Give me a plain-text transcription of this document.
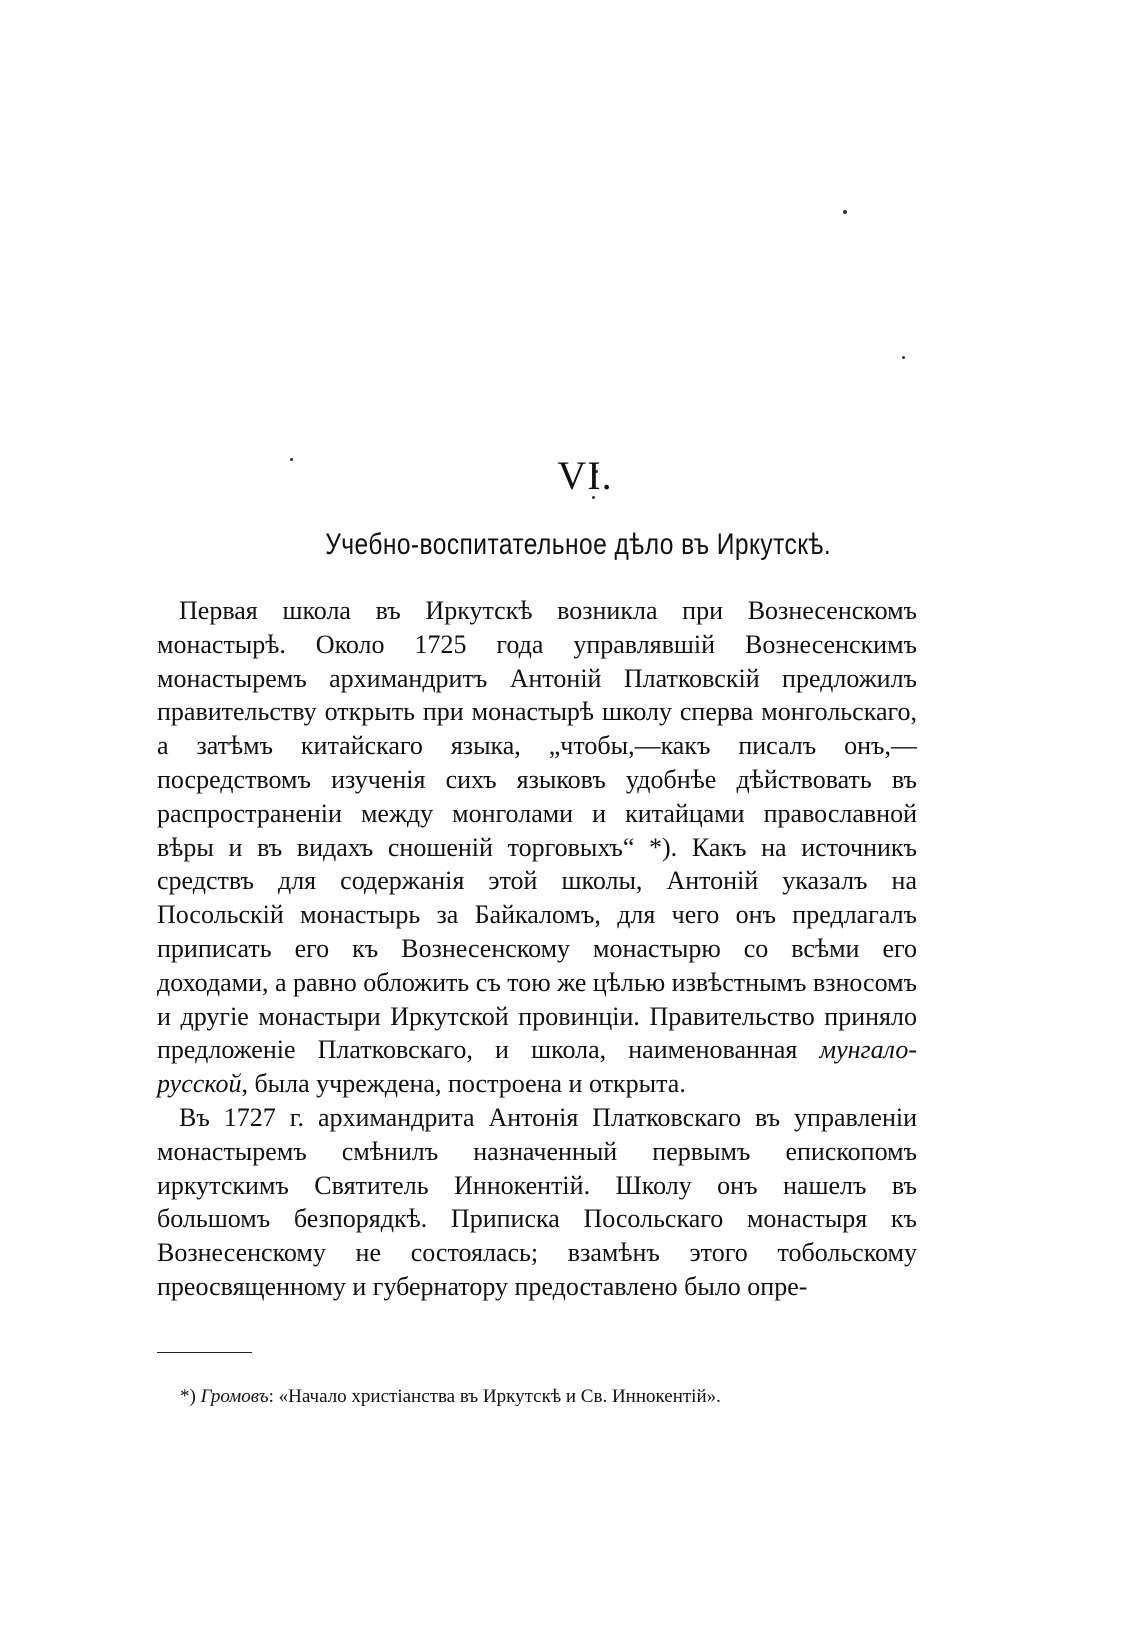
VI.
Учебно-воспитательное дѣло въ Иркутскѣ.

Первая школа въ Иркутскѣ возникла при Вознесенскомъ монастырѣ. Около 1725 года управлявшій Вознесенскимъ монастыремъ архимандритъ Антоній Платковскій предложилъ правительству открыть при монастырѣ школу сперва монгольскаго, а затѣмъ китайскаго языка, „чтобы,—какъ писалъ онъ,—посредствомъ изученія сихъ языковъ удобнѣе дѣйствовать въ распространеніи между монголами и китайцами православной вѣры и въ видахъ сношеній торговыхъ“ *). Какъ на источникъ средствъ для содержанія этой школы, Антоній указалъ на Посольскій монастырь за Байкаломъ, для чего онъ предлагалъ приписать его къ Вознесенскому монастырю со всѣми его доходами, а равно обложить съ тою же цѣлью извѣстнымъ взносомъ и другіе монастыри Иркутской провинціи. Правительство приняло предложеніе Платковскаго, и школа, наименованная мунгало-русской, была учреждена, построена и открыта.

Въ 1727 г. архимандрита Антонія Платковскаго въ управленіи монастыремъ смѣнилъ назначенный первымъ епископомъ иркутскимъ Святитель Иннокентій. Школу онъ нашелъ въ большомъ безпорядкѣ. Приписка Посольскаго монастыря къ Вознесенскому не состоялась; взамѣнъ этого тобольскому преосвященному и губернатору предоставлено было опре-

*) Громовъ: «Начало христіанства въ Иркутскѣ и Св. Иннокентій».
